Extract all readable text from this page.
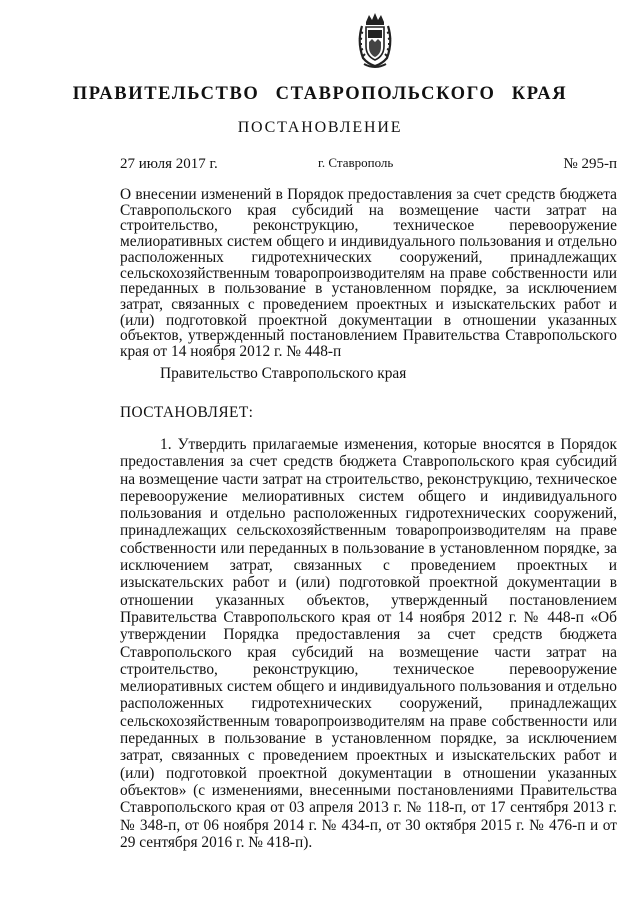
ПРАВИТЕЛЬСТВО СТАВРОПОЛЬСКОГО КРАЯ
ПОСТАНОВЛЕНИЕ
27 июля 2017 г.	г. Ставрополь	№ 295-п

О внесении изменений в Порядок предоставления за счет средств бюджета Ставропольского края субсидий на возмещение части затрат на строительство, реконструкцию, техническое перевооружение мелиоративных систем общего и индивидуального пользования и отдельно расположенных гидротехнических сооружений, принадлежащих сельскохозяйственным товаропроизводителям на праве собственности или переданных в пользование в установленном порядке, за исключением затрат, связанных с проведением проектных и изыскательских работ и (или) подготовкой проектной документации в отношении указанных объектов, утвержденный постановлением Правительства Ставропольского края от 14 ноября 2012 г. № 448-п

Правительство Ставропольского края
ПОСТАНОВЛЯЕТ:

1. Утвердить прилагаемые изменения, которые вносятся в Порядок предоставления за счет средств бюджета Ставропольского края субсидий на возмещение части затрат на строительство, реконструкцию, техническое перевооружение мелиоративных систем общего и индивидуального пользования и отдельно расположенных гидротехнических сооружений, принадлежащих сельскохозяйственным товаропроизводителям на праве собственности или переданных в пользование в установленном порядке, за исключением затрат, связанных с проведением проектных и изыскательских работ и (или) подготовкой проектной документации в отношении указанных объектов, утвержденный постановлением Правительства Ставропольского края от 14 ноября 2012 г. № 448-п «Об утверждении Порядка предоставления за счет средств бюджета Ставропольского края субсидий на возмещение части затрат на строительство, реконструкцию, техническое перевооружение мелиоративных систем общего и индивидуального пользования и отдельно расположенных гидротехнических сооружений, принадлежащих сельскохозяйственным товаропроизводителям на праве собственности или переданных в пользование в установленном порядке, за исключением затрат, связанных с проведением проектных и изыскательских работ и (или) подготовкой проектной документации в отношении указанных объектов» (с изменениями, внесенными постановлениями Правительства Ставропольского края от 03 апреля 2013 г. № 118-п, от 17 сентября 2013 г. № 348-п, от 06 ноября 2014 г. № 434-п, от 30 октября 2015 г. № 476-п и от 29 сентября 2016 г. № 418-п).
